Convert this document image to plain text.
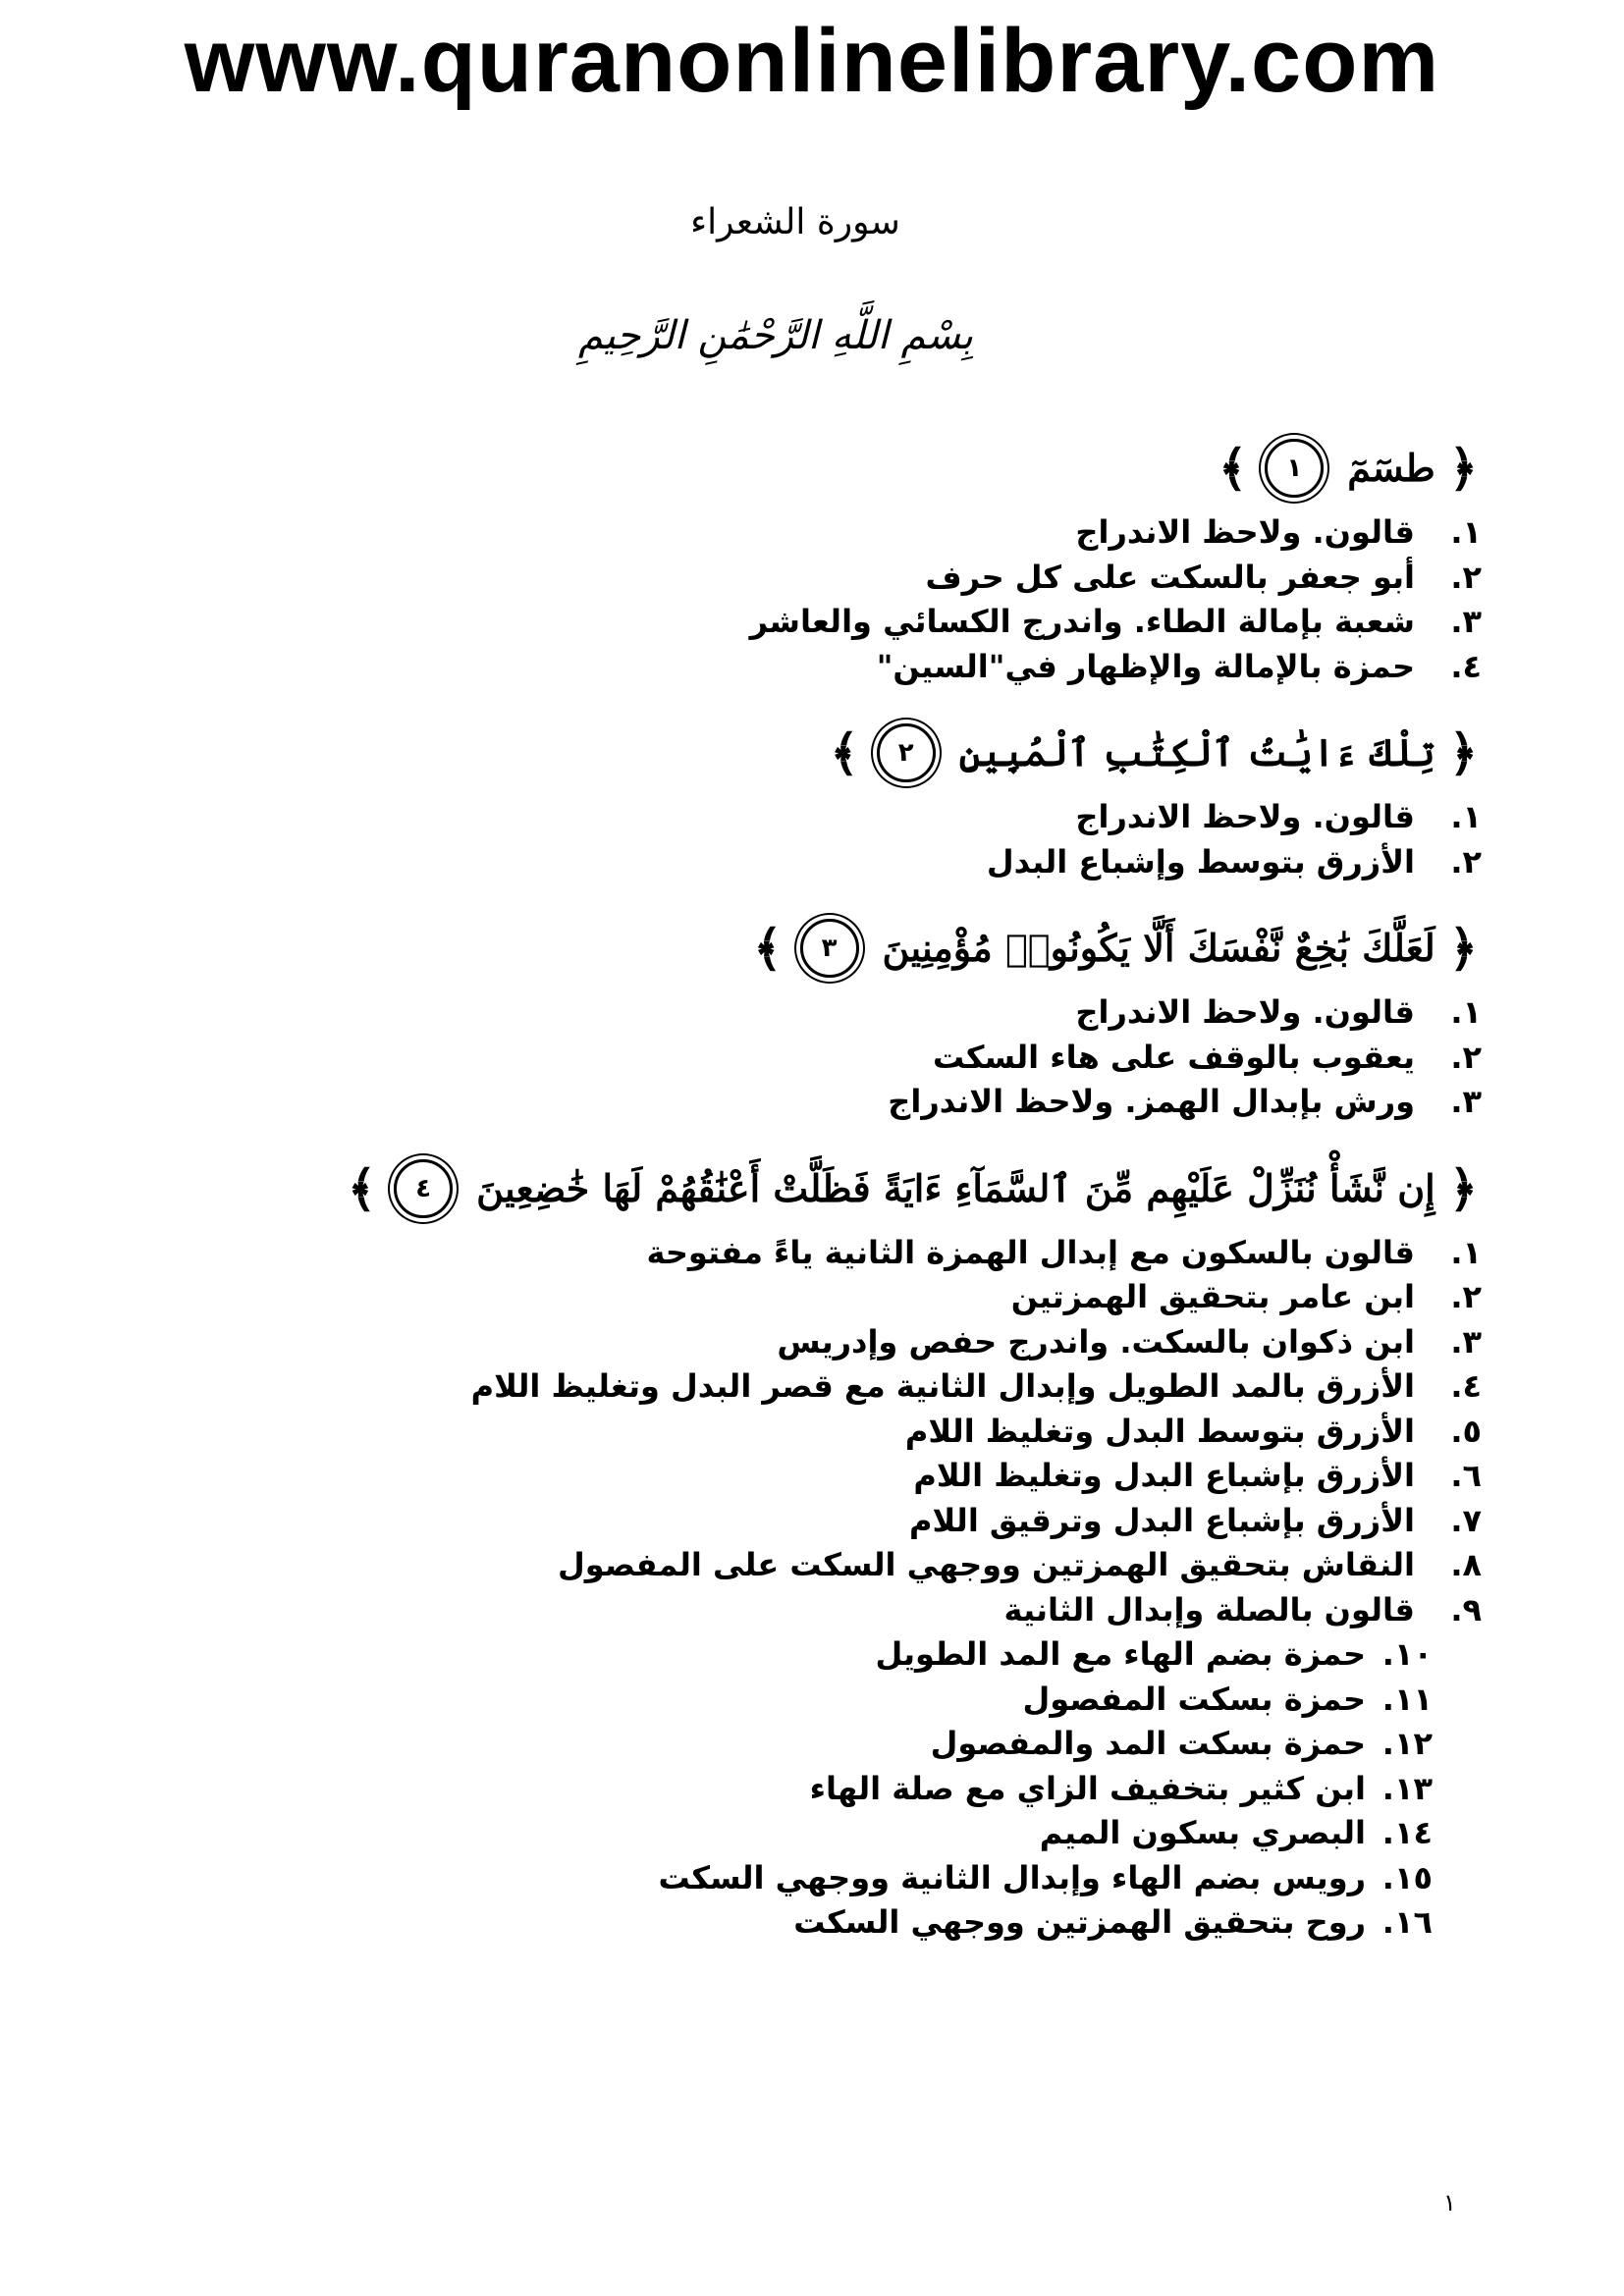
www.quranonlinelibrary.com
سورة الشعراء
بِسْمِ اللَّهِ الرَّحْمَٰنِ الرَّحِيمِ
﴿
طسٓمٓ
١
﴾
١.
قالون. ولاحظ الاندراج
٢.
أبو جعفر بالسكت على كل حرف
٣.
شعبة بإمالة الطاء. واندرج الكسائي والعاشر
٤.
حمزة بالإمالة والإظهار في"السين"
﴿
تِلْكَ ءَايَٰتُ ٱلْكِتَٰبِ ٱلْمُبِينِ
٢
﴾
١.
قالون. ولاحظ الاندراج
٢.
الأزرق بتوسط وإشباع البدل
﴿
لَعَلَّكَ بَٰخِعٌ نَّفْسَكَ أَلَّا يَكُونُوا۟ مُؤْمِنِينَ
٣
﴾
١.
قالون. ولاحظ الاندراج
٢.
يعقوب بالوقف على هاء السكت
٣.
ورش بإبدال الهمز. ولاحظ الاندراج
﴿
إِن نَّشَأْ نُنَزِّلْ عَلَيْهِم مِّنَ ٱلسَّمَآءِ ءَايَةً فَظَلَّتْ أَعْنَٰقُهُمْ لَهَا خَٰضِعِينَ
٤
﴾
١.
قالون بالسكون مع إبدال الهمزة الثانية ياءً مفتوحة
٢.
ابن عامر بتحقيق الهمزتين
٣.
ابن ذكوان بالسكت. واندرج حفص وإدريس
٤.
الأزرق بالمد الطويل وإبدال الثانية مع قصر البدل وتغليظ اللام
٥.
الأزرق بتوسط البدل وتغليظ اللام
٦.
الأزرق بإشباع البدل وتغليظ اللام
٧.
الأزرق بإشباع البدل وترقيق اللام
٨.
النقاش بتحقيق الهمزتين ووجهي السكت على المفصول
٩.
قالون بالصلة وإبدال الثانية
١٠.
حمزة بضم الهاء مع المد الطويل
١١.
حمزة بسكت المفصول
١٢.
حمزة بسكت المد والمفصول
١٣.
ابن كثير بتخفيف الزاي مع صلة الهاء
١٤.
البصري بسكون الميم
١٥.
رويس بضم الهاء وإبدال الثانية ووجهي السكت
١٦.
روح بتحقيق الهمزتين ووجهي السكت
١
